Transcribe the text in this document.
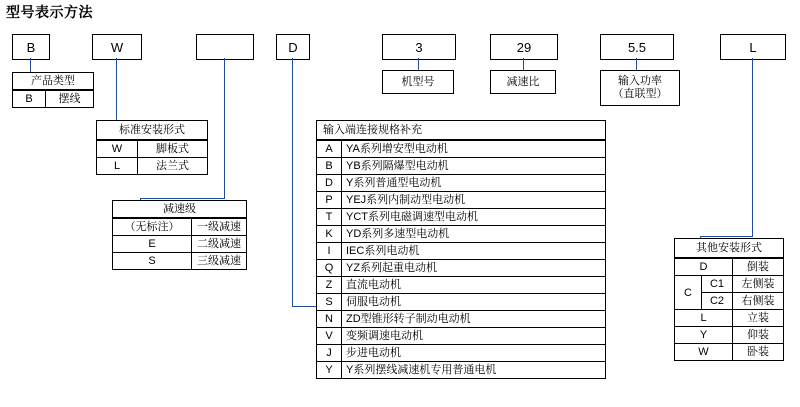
型号表示方法
B	W	D	3	29	5.5	L
机型号	减速比	输入功率
（直联型）
产品类型
B	摆线
标准安装形式
W	脚板式
L	法兰式
减速级
（无标注）	一级减速
E	二级减速
S	三级减速
输入端连接规格补充
A	YA系列增安型电动机
B	YB系列隔爆型电动机
D	Y系列普通型电动机
P	YEJ系列内制动型电动机
T	YCT系列电磁调速型电动机
K	YD系列多速型电动机
I	IEC系列电动机
Q	YZ系列起重电动机
Z	直流电动机
S	伺服电动机
N	ZD型锥形转子制动电动机
V	变频调速电动机
J	步进电动机
Y	Y系列摆线减速机专用普通电机
其他安装形式
D		倒装
C	C1	左侧装
	C2	右侧装
L		立装
Y		仰装
W		卧装
